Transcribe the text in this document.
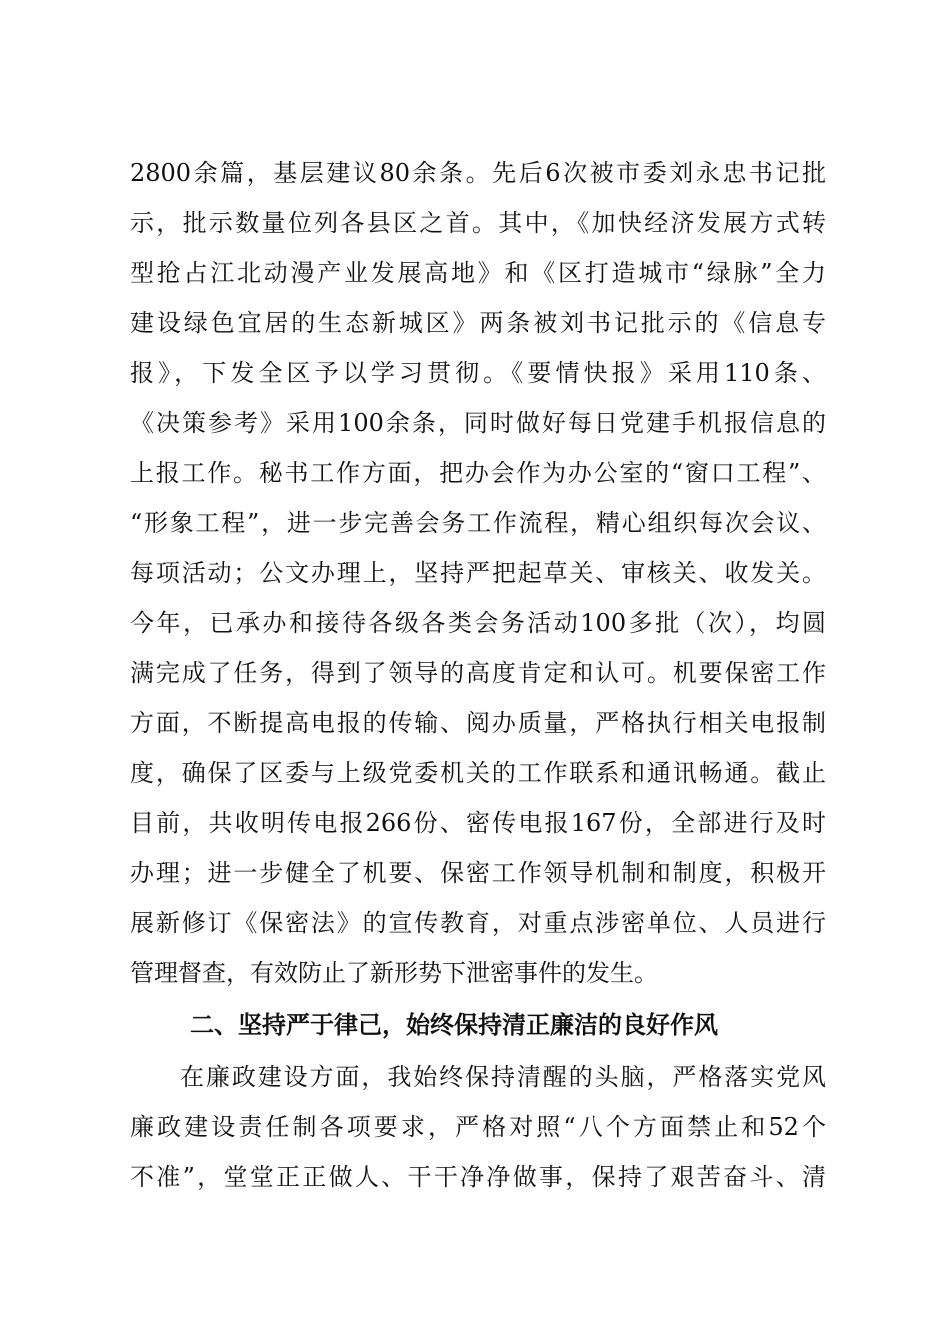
2800余篇，基层建议80余条。先后6次被市委刘永忠书记批
示，批示数量位列各县区之首。其中，《加快经济发展方式转
型抢占江北动漫产业发展高地》和《区打造城市“绿脉”全力
建设绿色宜居的生态新城区》两条被刘书记批示的《信息专
报》，下发全区予以学习贯彻。《要情快报》采用110条、
《决策参考》采用100余条，同时做好每日党建手机报信息的
上报工作。秘书工作方面，把办会作为办公室的“窗口工程”、
“形象工程”，进一步完善会务工作流程，精心组织每次会议、
每项活动；公文办理上，坚持严把起草关、审核关、收发关。
今年，已承办和接待各级各类会务活动100多批（次），均圆
满完成了任务，得到了领导的高度肯定和认可。机要保密工作
方面，不断提高电报的传输、阅办质量，严格执行相关电报制
度，确保了区委与上级党委机关的工作联系和通讯畅通。截止
目前，共收明传电报266份、密传电报167份，全部进行及时
办理；进一步健全了机要、保密工作领导机制和制度，积极开
展新修订《保密法》的宣传教育，对重点涉密单位、人员进行
管理督查，有效防止了新形势下泄密事件的发生。
二、坚持严于律己，始终保持清正廉洁的良好作风
在廉政建设方面，我始终保持清醒的头脑，严格落实党风
廉政建设责任制各项要求，严格对照“八个方面禁止和52个
不准”，堂堂正正做人、干干净净做事，保持了艰苦奋斗、清
